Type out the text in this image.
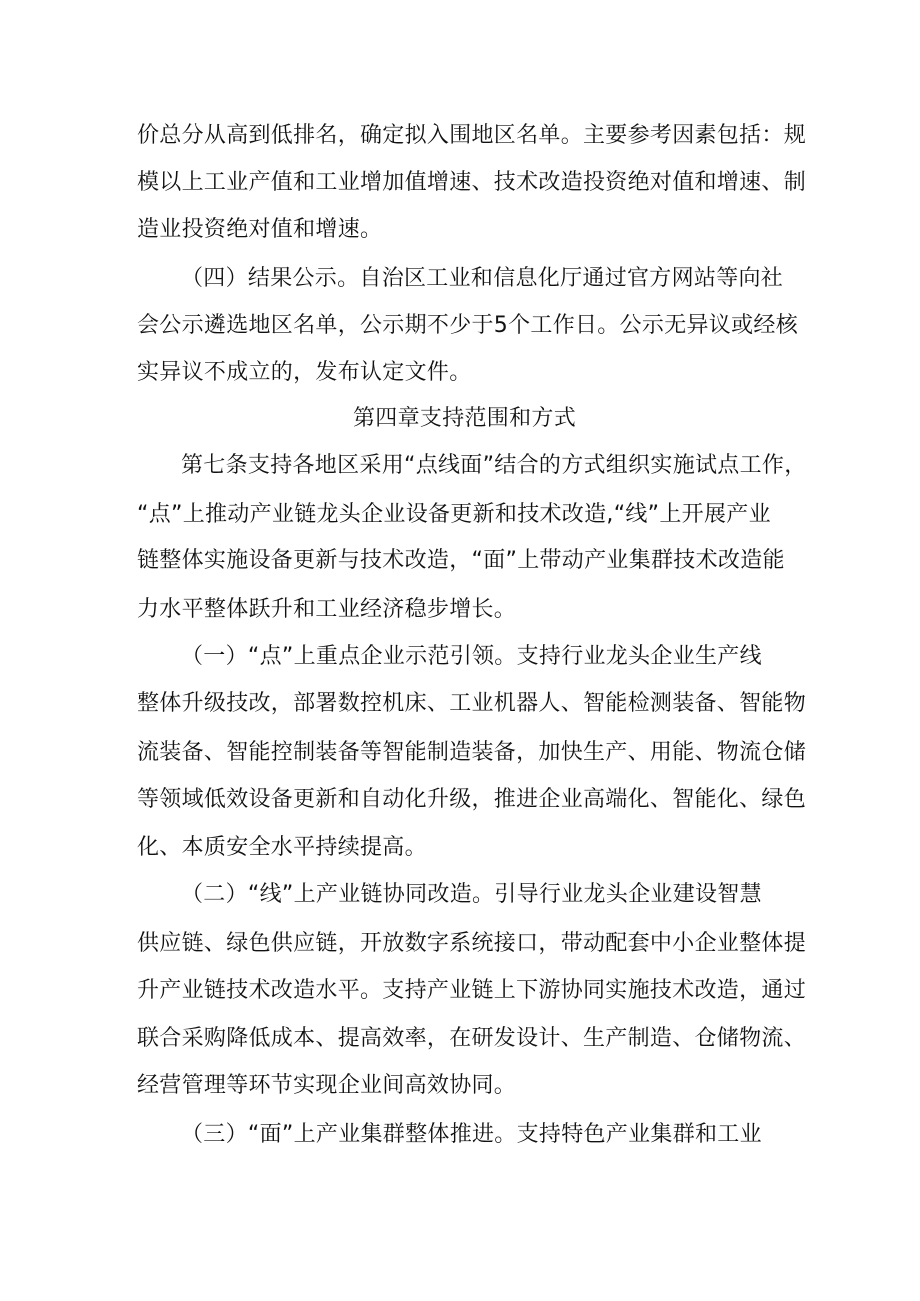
价总分从高到低排名，确定拟入围地区名单。主要参考因素包括：规
模以上工业产值和工业增加值增速、技术改造投资绝对值和增速、制
造业投资绝对值和增速。
（四）结果公示。自治区工业和信息化厅通过官方网站等向社
会公示遴选地区名单，公示期不少于5个工作日。公示无异议或经核
实异议不成立的，发布认定文件。
第四章支持范围和方式
第七条支持各地区采用“点线面”结合的方式组织实施试点工作，
“点”上推动产业链龙头企业设备更新和技术改造,“线”上开展产业
链整体实施设备更新与技术改造，“面”上带动产业集群技术改造能
力水平整体跃升和工业经济稳步增长。
（一）“点”上重点企业示范引领。支持行业龙头企业生产线
整体升级技改，部署数控机床、工业机器人、智能检测装备、智能物
流装备、智能控制装备等智能制造装备，加快生产、用能、物流仓储
等领域低效设备更新和自动化升级，推进企业高端化、智能化、绿色
化、本质安全水平持续提高。
（二）“线”上产业链协同改造。引导行业龙头企业建设智慧
供应链、绿色供应链，开放数字系统接口，带动配套中小企业整体提
升产业链技术改造水平。支持产业链上下游协同实施技术改造，通过
联合采购降低成本、提高效率，在研发设计、生产制造、仓储物流、
经营管理等环节实现企业间高效协同。
（三）“面”上产业集群整体推进。支持特色产业集群和工业
